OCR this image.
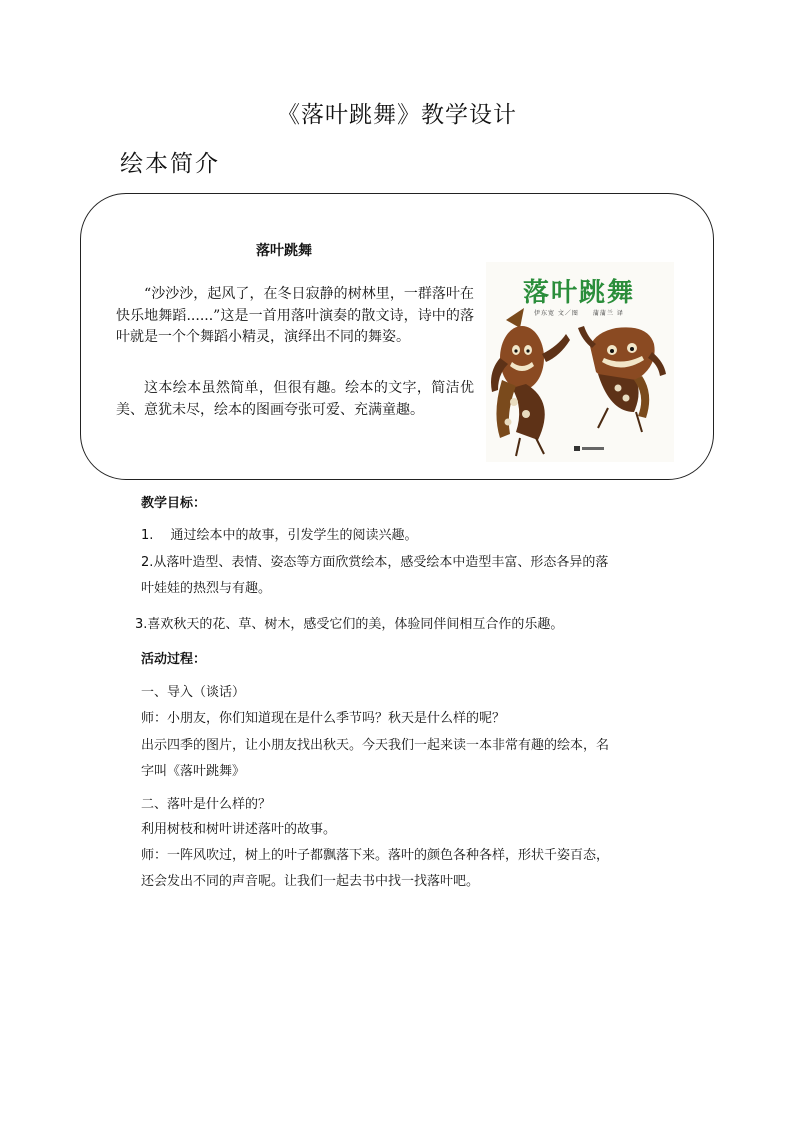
《落叶跳舞》教学设计
绘本简介
落叶跳舞

“沙沙沙，起风了，在冬日寂静的树林里，一群落叶在快乐地舞蹈......”这是一首用落叶演奏的散文诗，诗中的落叶就是一个个舞蹈小精灵，演绎出不同的舞姿。

这本绘本虽然简单，但很有趣。绘本的文字，简洁优美、意犹未尽，绘本的图画夸张可爱、充满童趣。

落叶跳舞
伊东宽 文／图　　蒲蒲兰 译
教学目标：
1.　 通过绘本中的故事，引发学生的阅读兴趣。
2.从落叶造型、表情、姿态等方面欣赏绘本，感受绘本中造型丰富、形态各异的落
叶娃娃的热烈与有趣。
3.喜欢秋天的花、草、树木，感受它们的美，体验同伴间相互合作的乐趣。
活动过程：
一、导入（谈话）
师：小朋友，你们知道现在是什么季节吗？秋天是什么样的呢？
出示四季的图片，让小朋友找出秋天。今天我们一起来读一本非常有趣的绘本，名
字叫《落叶跳舞》
二、落叶是什么样的？
利用树枝和树叶讲述落叶的故事。
师：一阵风吹过，树上的叶子都飘落下来。落叶的颜色各种各样，形状千姿百态，
还会发出不同的声音呢。让我们一起去书中找一找落叶吧。
